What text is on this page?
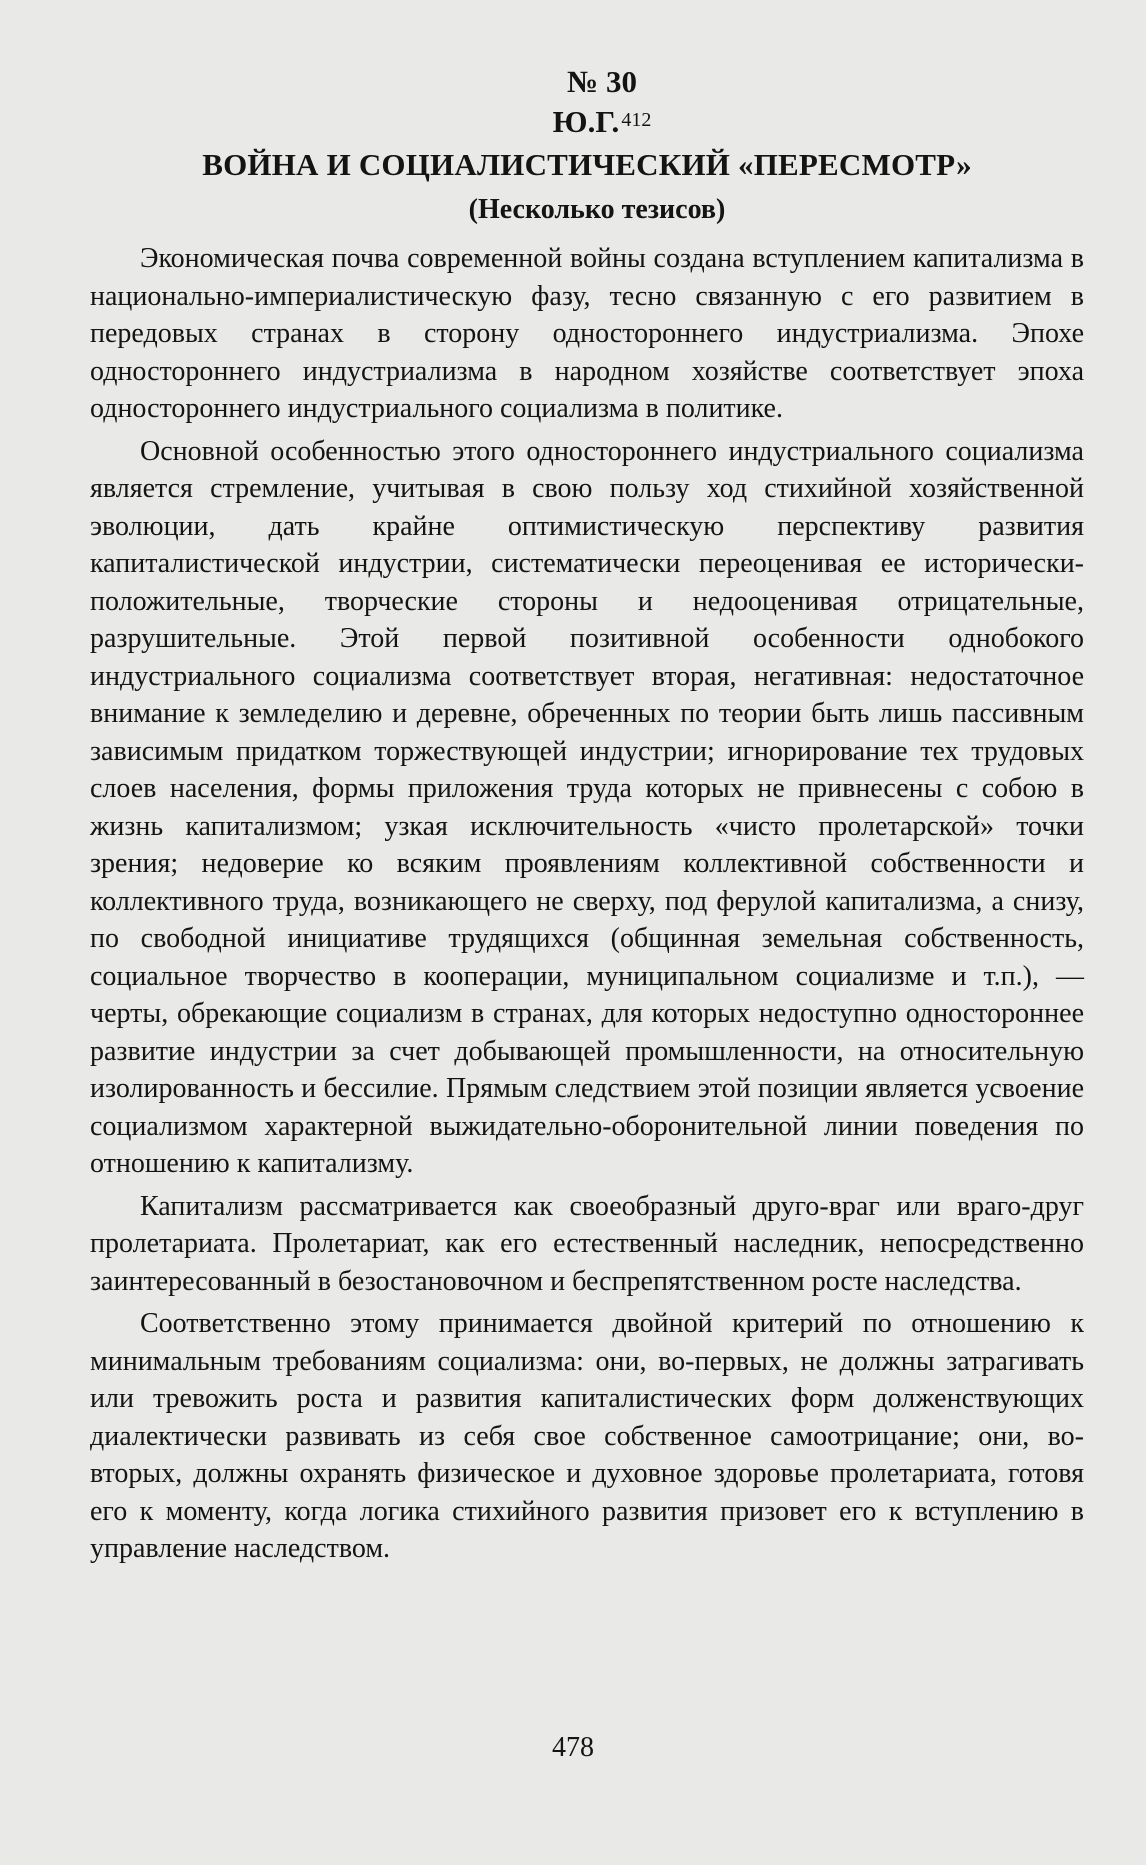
№ 30
Ю.Г. $^{412}$
ВОЙНА И СОЦИАЛИСТИЧЕСКИЙ «ПЕРЕСМОТР»
(Несколько тезисов)

Экономическая почва современной войны создана вступлением капитализма в национально-империалистическую фазу, тесно связанную с его развитием в передовых странах в сторону одностороннего индустриализма. Эпохе одностороннего индустриализма в народном хозяйстве соответствует эпоха одностороннего индустриального социализма в политике.

Основной особенностью этого одностороннего индустриального социализма является стремление, учитывая в свою пользу ход стихийной хозяйственной эволюции, дать крайне оптимистическую перспективу развития капиталистической индустрии, систематически переоценивая ее исторически-положительные, творческие стороны и недооценивая отрицательные, разрушительные. Этой первой позитивной особенности однобокого индустриального социализма соответствует вторая, негативная: недостаточное внимание к земледелию и деревне, обреченных по теории быть лишь пассивным зависимым придатком торжествующей индустрии; игнорирование тех трудовых слоев населения, формы приложения труда которых не привнесены с собою в жизнь капитализмом; узкая исключительность «чисто пролетарской» точки зрения; недоверие ко всяким проявлениям коллективной собственности и коллективного труда, возникающего не сверху, под ферулой капитализма, а снизу, по свободной инициативе трудящихся (общинная земельная собственность, социальное творчество в кооперации, муниципальном социализме и т.п.), — черты, обрекающие социализм в странах, для которых недоступно одностороннее развитие индустрии за счет добывающей промышленности, на относительную изолированность и бессилие. Прямым следствием этой позиции является усвоение социализмом характерной выжидательно-оборонительной линии поведения по отношению к капитализму.

Капитализм рассматривается как своеобразный друго-враг или враго-друг пролетариата. Пролетариат, как его естественный наследник, непосредственно заинтересованный в безостановочном и беспрепятственном росте наследства.

Соответственно этому принимается двойной критерий по отношению к минимальным требованиям социализма: они, во-первых, не должны затрагивать или тревожить роста и развития капиталистических форм долженствующих диалектически развивать из себя свое собственное самоотрицание; они, во-вторых, должны охранять физическое и духовное здоровье пролетариата, готовя его к моменту, когда логика стихийного развития призовет его к вступлению в управление наследством.

478
